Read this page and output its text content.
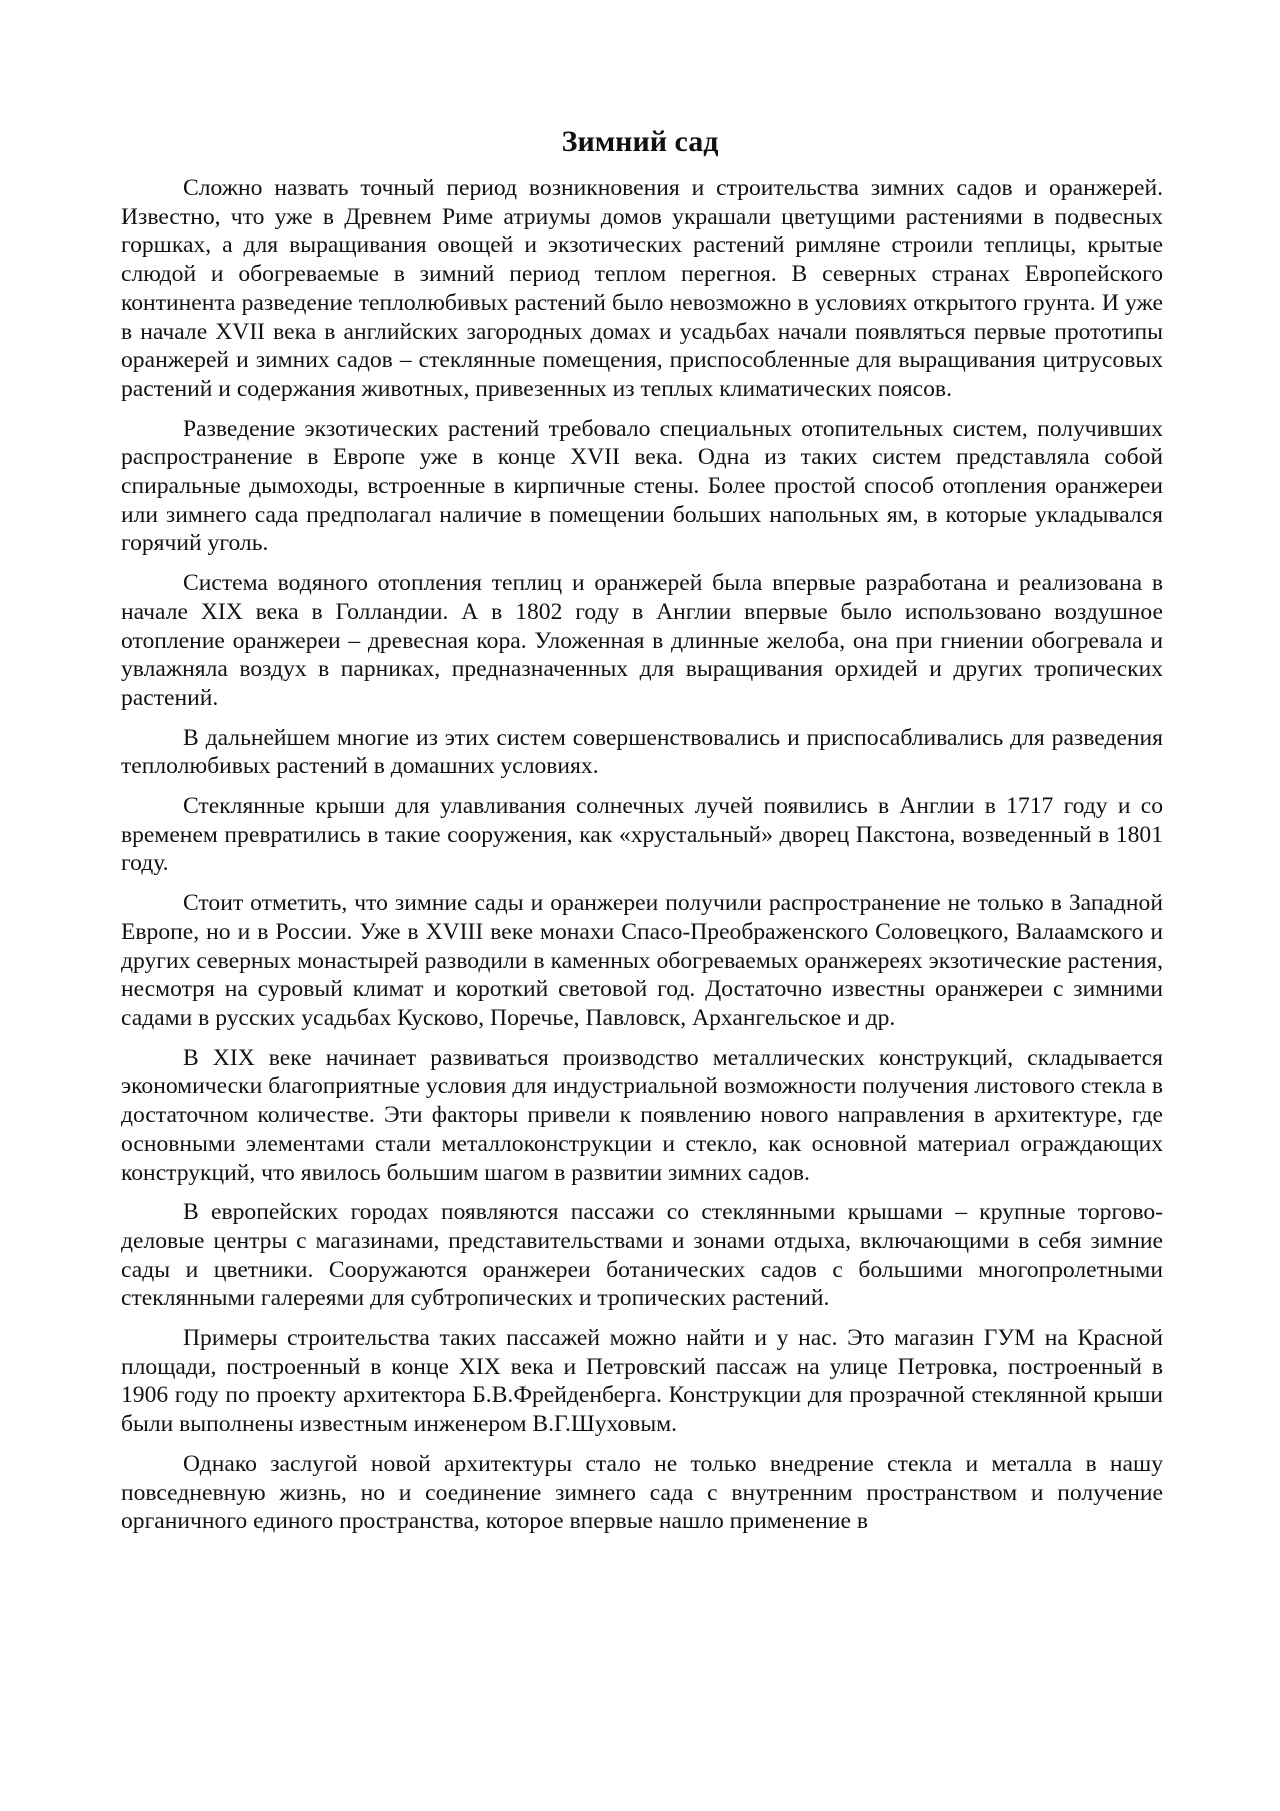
Зимний сад

Сложно назвать точный период возникновения и строительства зимних садов и оранжерей. Известно, что уже в Древнем Риме атриумы домов украшали цветущими растениями в подвесных горшках, а для выращивания овощей и экзотических растений римляне строили теплицы, крытые слюдой и обогреваемые в зимний период теплом перегноя. В северных странах Европейского континента разведение теплолюбивых растений было невозможно в условиях открытого грунта. И уже в начале XVII века в английских загородных домах и усадьбах начали появляться первые прототипы оранжерей и зимних садов – стеклянные помещения, приспособленные для выращивания цитрусовых растений и содержания животных, привезенных из теплых климатических поясов.

Разведение экзотических растений требовало специальных отопительных систем, получивших распространение в Европе уже в конце XVII века. Одна из таких систем представляла собой спиральные дымоходы, встроенные в кирпичные стены. Более простой способ отопления оранжереи или зимнего сада предполагал наличие в помещении больших напольных ям, в которые укладывался горячий уголь.

Система водяного отопления теплиц и оранжерей была впервые разработана и реализована в начале XIX века в Голландии. А в 1802 году в Англии впервые было использовано воздушное отопление оранжереи – древесная кора. Уложенная в длинные желоба, она при гниении обогревала и увлажняла воздух в парниках, предназначенных для выращивания орхидей и других тропических растений.

В дальнейшем многие из этих систем совершенствовались и приспосабливались для разведения теплолюбивых растений в домашних условиях.

Стеклянные крыши для улавливания солнечных лучей появились в Англии в 1717 году и со временем превратились в такие сооружения, как «хрустальный» дворец Пакстона, возведенный в 1801 году.

Стоит отметить, что зимние сады и оранжереи получили распространение не только в Западной Европе, но и в России. Уже в XVIII веке монахи Спасо-Преображенского Соловецкого, Валаамского и других северных монастырей разводили в каменных обогреваемых оранжереях экзотические растения, несмотря на суровый климат и короткий световой год. Достаточно известны оранжереи с зимними садами в русских усадьбах Кусково, Поречье, Павловск, Архангельское и др.

В XIX веке начинает развиваться производство металлических конструкций, складывается экономически благоприятные условия для индустриальной возможности получения листового стекла в достаточном количестве. Эти факторы привели к появлению нового направления в архитектуре, где основными элементами стали металлоконструкции и стекло, как основной материал ограждающих конструкций, что явилось большим шагом в развитии зимних садов.

В европейских городах появляются пассажи со стеклянными крышами – крупные торгово-деловые центры с магазинами, представительствами и зонами отдыха, включающими в себя зимние сады и цветники. Сооружаются оранжереи ботанических садов с большими многопролетными стеклянными галереями для субтропических и тропических растений.

Примеры строительства таких пассажей можно найти и у нас. Это магазин ГУМ на Красной площади, построенный в конце XIX века и Петровский пассаж на улице Петровка, построенный в 1906 году по проекту архитектора Б.В.Фрейденберга. Конструкции для прозрачной стеклянной крыши были выполнены известным инженером В.Г.Шуховым.

Однако заслугой новой архитектуры стало не только внедрение стекла и металла в нашу повседневную жизнь, но и соединение зимнего сада с внутренним пространством и получение органичного единого пространства, которое впервые нашло применение в
